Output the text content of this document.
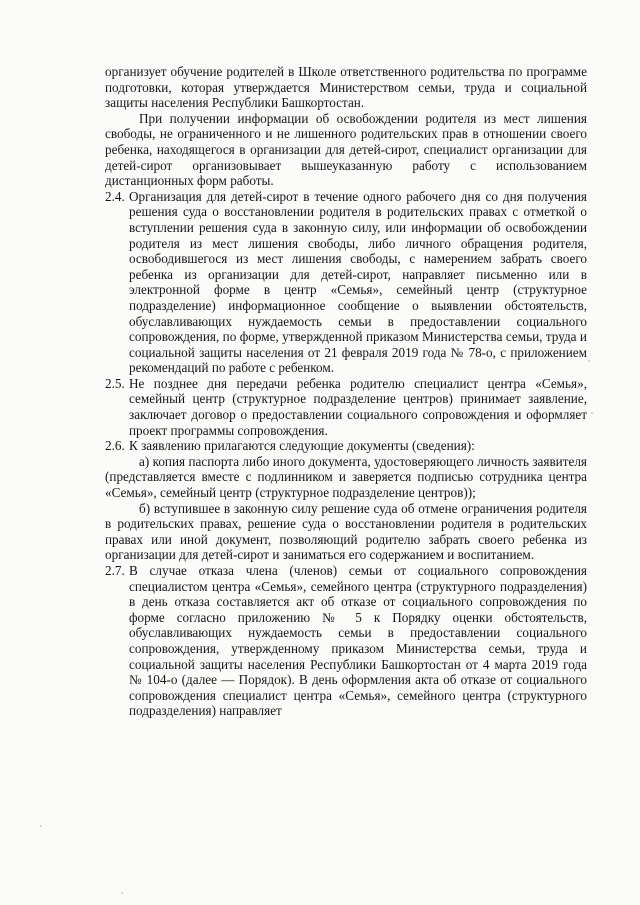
организует обучение родителей в Школе ответственного родительства по программе подготовки, которая утверждается Министерством семьи, труда и социальной защиты населения Республики Башкортостан.

При получении информации об освобождении родителя из мест лишения свободы, не ограниченного и не лишенного родительских прав в отношении своего ребенка, находящегося в организации для детей-сирот, специалист организации для детей-сирот организовывает вышеуказанную работу с использованием дистанционных форм работы.

2.4. Организация для детей-сирот в течение одного рабочего дня со дня получения решения суда о восстановлении родителя в родительских правах с отметкой о вступлении решения суда в законную силу, или информации об освобождении родителя из мест лишения свободы, либо личного обращения родителя, освободившегося из мест лишения свободы, с намерением забрать своего ребенка из организации для детей-сирот, направляет письменно или в электронной форме в центр «Семья», семейный центр (структурное подразделение) информационное сообщение о выявлении обстоятельств, обуславливающих нуждаемость семьи в предоставлении социального сопровождения, по форме, утвержденной приказом Министерства семьи, труда и социальной защиты населения от 21 февраля 2019 года № 78-о, с приложением рекомендаций по работе с ребенком.

2.5. Не позднее дня передачи ребенка родителю специалист центра «Семья», семейный центр (структурное подразделение центров) принимает заявление, заключает договор о предоставлении социального сопровождения и оформляет проект программы сопровождения.

2.6. К заявлению прилагаются следующие документы (сведения):

а) копия паспорта либо иного документа, удостоверяющего личность заявителя (представляется вместе с подлинником и заверяется подписью сотрудника центра «Семья», семейный центр (структурное подразделение центров));

б) вступившее в законную силу решение суда об отмене ограничения родителя в родительских правах, решение суда о восстановлении родителя в родительских правах или иной документ, позволяющий родителю забрать своего ребенка из организации для детей-сирот и заниматься его содержанием и воспитанием.

2.7. В случае отказа члена (членов) семьи от социального сопровождения специалистом центра «Семья», семейного центра (структурного подразделения) в день отказа составляется акт об отказе от социального сопровождения по форме согласно приложению № 5 к Порядку оценки обстоятельств, обуславливающих нуждаемость семьи в предоставлении социального сопровождения, утвержденному приказом Министерства семьи, труда и социальной защиты населения Республики Башкортостан от 4 марта 2019 года № 104-о (далее — Порядок). В день оформления акта об отказе от социального сопровождения специалист центра «Семья», семейного центра (структурного подразделения) направляет
